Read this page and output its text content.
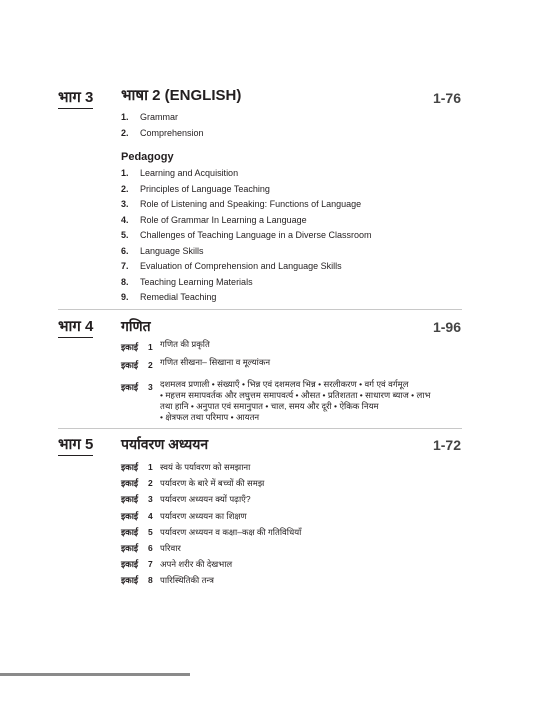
भाग 3 भाषा 2 (ENGLISH)	1-76
1. Grammar
2. Comprehension
Pedagogy
1. Learning and Acquisition
2. Principles of Language Teaching
3. Role of Listening and Speaking: Functions of Language
4. Role of Grammar In Learning a Language
5. Challenges of Teaching Language in a Diverse Classroom
6. Language Skills
7. Evaluation of Comprehension and Language Skills
8. Teaching Learning Materials
9. Remedial Teaching
भाग 4 गणित	1-96
इकाई	1 गणित की प्रकृति
इकाई	2 गणित सीखना– सिखाना व मूल्यांकन
इकाई	3 दशमलव प्रणाली • संख्याएँ • भिन्न एवं दशमलव भिन्न • सरलीकरण • वर्ग एवं वर्गमूल
• महत्तम समापवर्तक और लघुत्तम समापवर्त्य • औसत • प्रतिशतता • साधारण ब्याज • लाभ
तथा हानि • अनुपात एवं समानुपात • चाल, समय और दूरी • ऐकिक नियम
• क्षेत्रफल तथा परिमाप • आयतन
भाग 5 पर्यावरण अध्ययन	1-72
इकाई	1 स्वयं के पर्यावरण को समझाना
इकाई	2 पर्यावरण के बारे में बच्चों की समझ
इकाई	3 पर्यावरण अध्ययन क्यों पढ़ाएँ?
इकाई	4 पर्यावरण अध्ययन का शिक्षण
इकाई	5 पर्यावरण अध्ययन व कक्षा–कक्ष की गतिविधियाँ
इकाई	6 परिवार
इकाई	7 अपने शरीर की देखभाल
इकाई	8 पारिस्थितिकी तन्त्र
